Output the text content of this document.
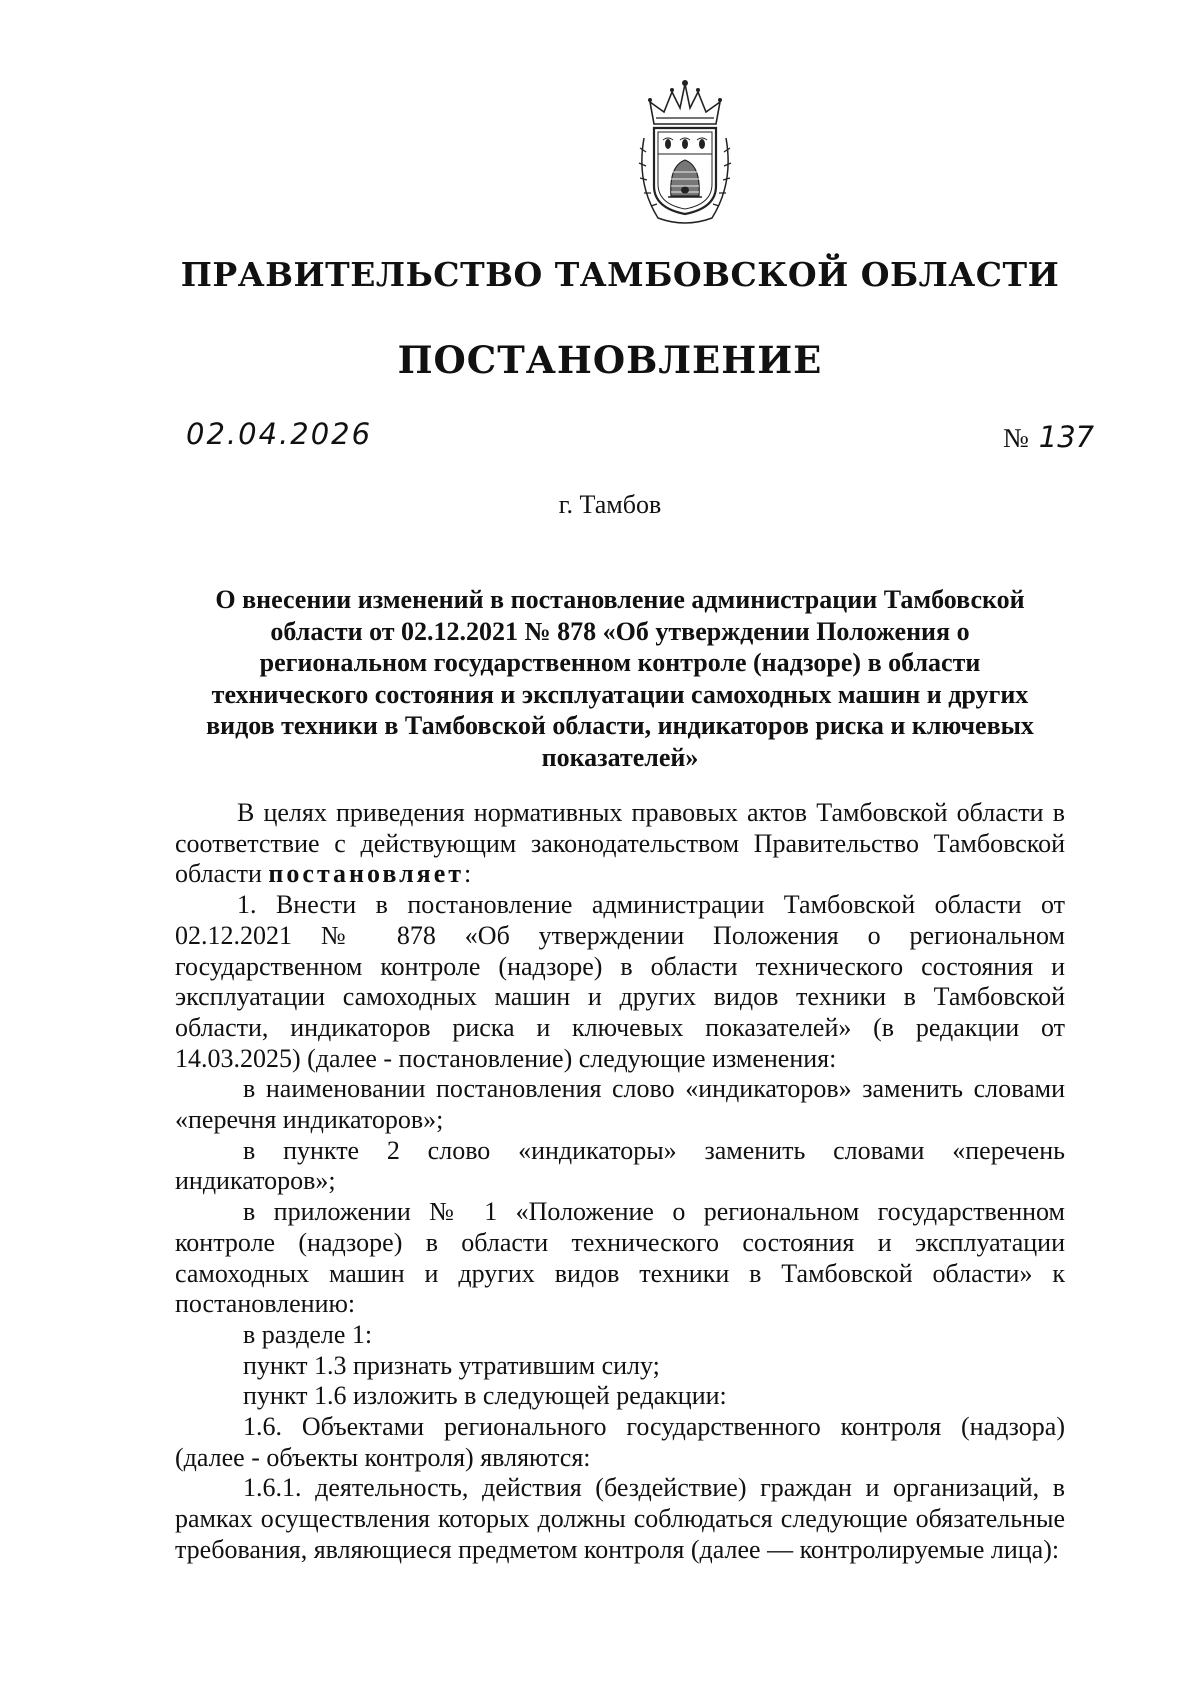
ПРАВИТЕЛЬСТВО ТАМБОВСКОЙ ОБЛАСТИ
ПОСТАНОВЛЕНИЕ
02.04.2026	№ 137
г. Тамбов
О внесении изменений в постановление администрации Тамбовской области от 02.12.2021 № 878 «Об утверждении Положения о региональном государственном контроле (надзоре) в области технического состояния и эксплуатации самоходных машин и других видов техники в Тамбовской области, индикаторов риска и ключевых показателей»

В целях приведения нормативных правовых актов Тамбовской области в соответствие с действующим законодательством Правительство Тамбовской области постановляет:

1. Внести в постановление администрации Тамбовской области от 02.12.2021 № 878 «Об утверждении Положения о региональном государственном контроле (надзоре) в области технического состояния и эксплуатации самоходных машин и других видов техники в Тамбовской области, индикаторов риска и ключевых показателей» (в редакции от 14.03.2025) (далее - постановление) следующие изменения:

в наименовании постановления слово «индикаторов» заменить словами «перечня индикаторов»;

в пункте 2 слово «индикаторы» заменить словами «перечень индикаторов»;

в приложении № 1 «Положение о региональном государственном контроле (надзоре) в области технического состояния и эксплуатации самоходных машин и других видов техники в Тамбовской области» к постановлению:

в разделе 1:

пункт 1.3 признать утратившим силу;

пункт 1.6 изложить в следующей редакции:

1.6. Объектами регионального государственного контроля (надзора) (далее - объекты контроля) являются:

1.6.1. деятельность, действия (бездействие) граждан и организаций, в рамках осуществления которых должны соблюдаться следующие обязательные требования, являющиеся предметом контроля (далее — контролируемые лица):
